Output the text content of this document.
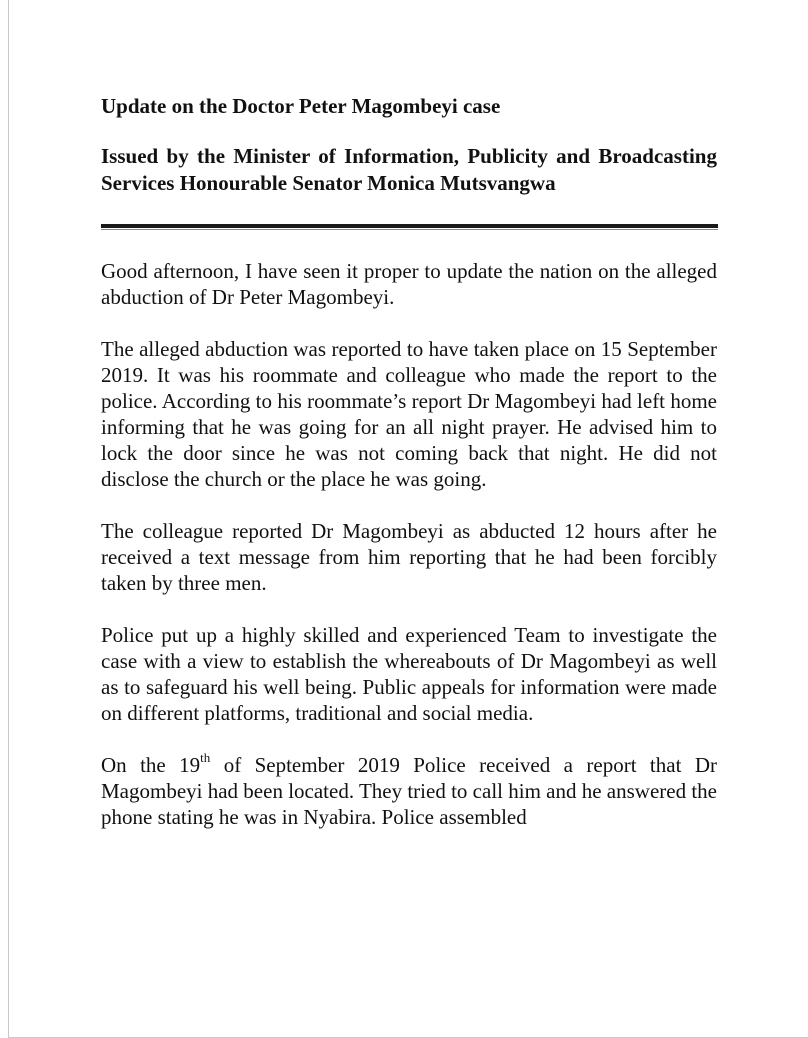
Update on the Doctor Peter Magombeyi case

Issued by the Minister of Information, Publicity and Broadcasting Services Honourable Senator Monica Mutsvangwa

Good afternoon, I have seen it proper to update the nation on the alleged abduction of Dr Peter Magombeyi.

The alleged abduction was reported to have taken place on 15 September 2019. It was his roommate and colleague who made the report to the police. According to his roommate’s report Dr Magombeyi had left home informing that he was going for an all night prayer. He advised him to lock the door since he was not coming back that night. He did not disclose the church or the place he was going.

The colleague reported Dr Magombeyi as abducted 12 hours after he received a text message from him reporting that he had been forcibly taken by three men.

Police put up a highly skilled and experienced Team to investigate the case with a view to establish the whereabouts of Dr Magombeyi as well as to safeguard his well being. Public appeals for information were made on different platforms, traditional and social media.

On the 19th of September 2019 Police received a report that Dr Magombeyi had been located. They tried to call him and he answered the phone stating he was in Nyabira. Police assembled
